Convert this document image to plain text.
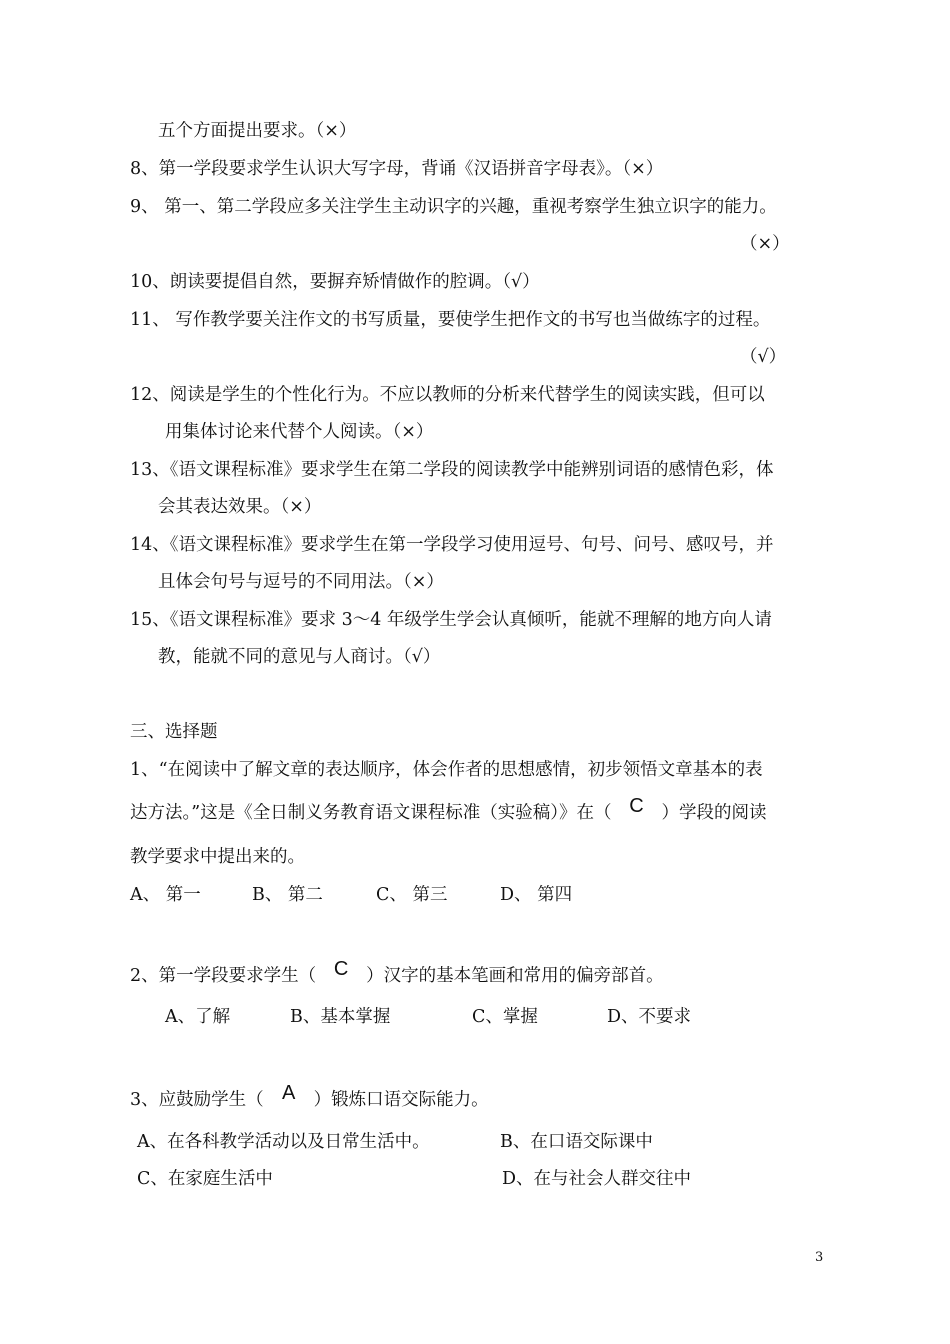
五个方面提出要求。（×）
8、第一学段要求学生认识大写字母，背诵《汉语拼音字母表》。（×）
9、 第一、第二学段应多关注学生主动识字的兴趣，重视考察学生独立识字的能力。
（×）
10、朗读要提倡自然，要摒弃矫情做作的腔调。（√）
11、 写作教学要关注作文的书写质量，要使学生把作文的书写也当做练字的过程。
（√）
12、阅读是学生的个性化行为。不应以教师的分析来代替学生的阅读实践，但可以
用集体讨论来代替个人阅读。（×）
13、《语文课程标准》要求学生在第二学段的阅读教学中能辨别词语的感情色彩，体
会其表达效果。（×）
14、《语文课程标准》要求学生在第一学段学习使用逗号、句号、问号、感叹号，并
且体会句号与逗号的不同用法。（×）
15、《语文课程标准》要求 3～4 年级学生学会认真倾听，能就不理解的地方向人请
教，能就不同的意见与人商讨。（√）
三、选择题
1、“在阅读中了解文章的表达顺序，体会作者的思想感情，初步领悟文章基本的表
达方法。”这是《全日制义务教育语文课程标准（实验稿）》在（ C ）学段的阅读
教学要求中提出来的。
A、 第一	B、 第二	C、 第三	D、 第四
2、第一学段要求学生（ C ）汉字的基本笔画和常用的偏旁部首。
A、了解	B、基本掌握	C、掌握	D、不要求
3、应鼓励学生（ A ）锻炼口语交际能力。
A、在各科教学活动以及日常生活中。	B、在口语交际课中
C、在家庭生活中	D、在与社会人群交往中
3
